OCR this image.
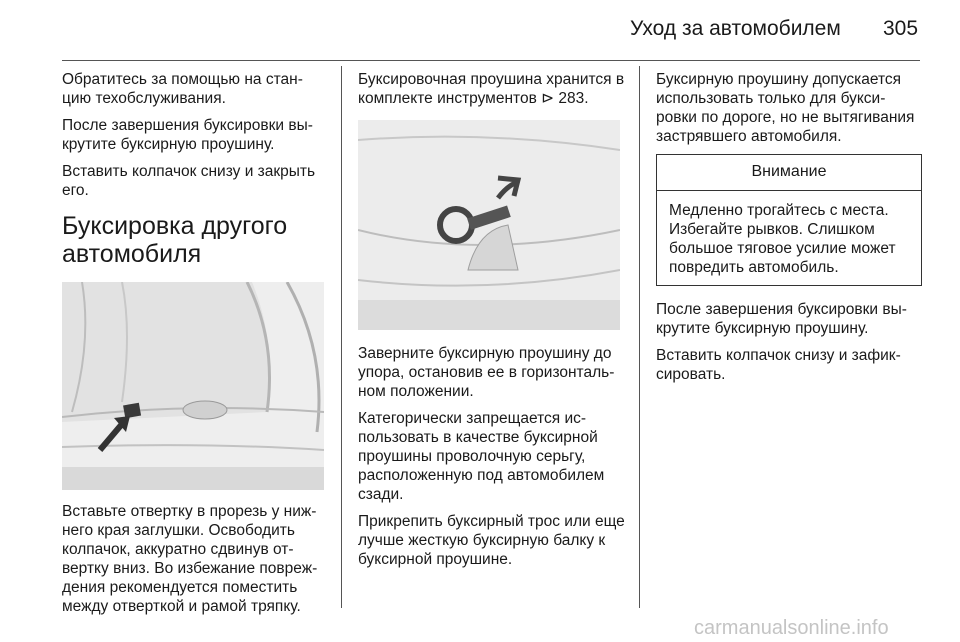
Уход за автомобилем 305

Обратитесь за помощью на стан-цию техобслуживания.

После завершения буксировки вы-крутите буксирную проушину.

Вставить колпачок снизу и закрыть его.

Буксировка другого автомобиля

Вставьте отвертку в прорезь у ниж-него края заглушки. Освободить колпачок, аккуратно сдвинув от-вертку вниз. Во избежание повреж-дения рекомендуется поместить между отверткой и рамой тряпку.

Буксировочная проушина хранится в комплекте инструментов ⊳ 283.

Заверните буксирную проушину до упора, остановив ее в горизонталь-ном положении.

Категорически запрещается ис-пользовать в качестве буксирной проушины проволочную серьгу, расположенную под автомобилем сзади.

Прикрепить буксирный трос или еще лучше жесткую буксирную балку к буксирной проушине.

Буксирную проушину допускается использовать только для букси-ровки по дороге, но не вытягивания застрявшего автомобиля.

Внимание

Медленно трогайтесь с места. Избегайте рывков. Слишком большое тяговое усилие может повредить автомобиль.

После завершения буксировки вы-крутите буксирную проушину.

Вставить колпачок снизу и зафик-сировать.

carmanualsonline.info
